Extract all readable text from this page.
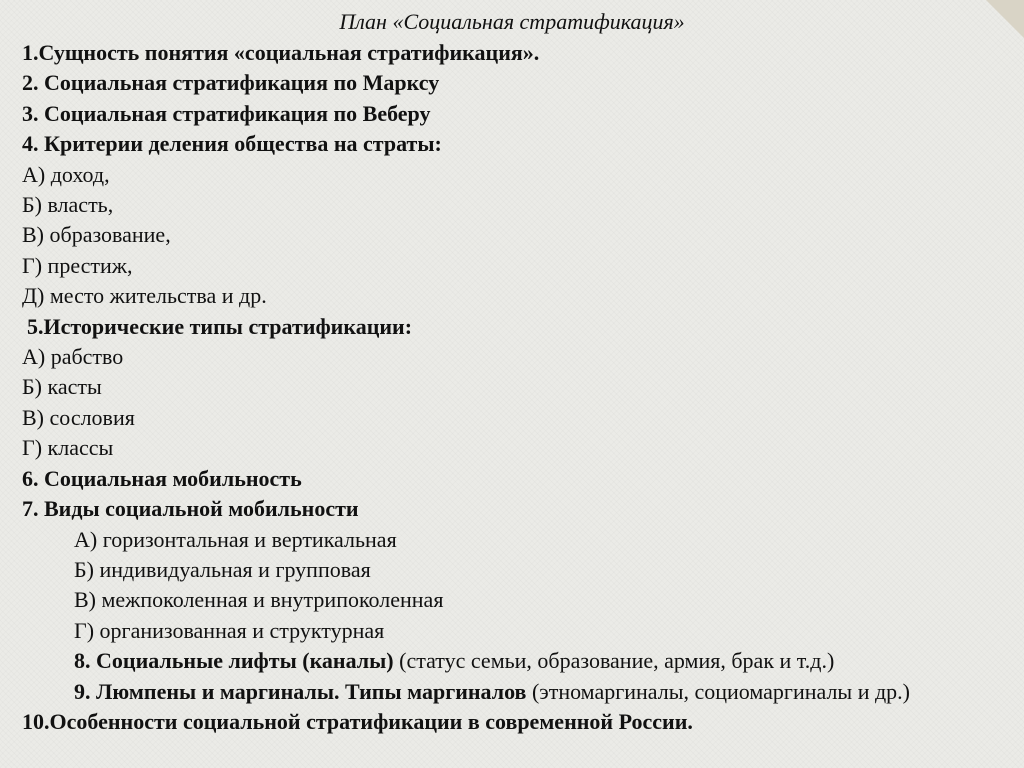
План «Социальная стратификация»
1.Сущность понятия «социальная стратификация».
2. Социальная стратификация по Марксу
3. Социальная стратификация по Веберу
4. Критерии деления общества на страты:
А) доход,
Б) власть,
В) образование,
Г) престиж,
Д) место жительства и др.
5.Исторические типы стратификации:
А) рабство
Б) касты
В) сословия
Г) классы
6. Социальная мобильность
7. Виды социальной мобильности
А) горизонтальная и вертикальная
Б) индивидуальная и групповая
В) межпоколенная и внутрипоколенная
Г) организованная и структурная
8. Социальные лифты (каналы) (статус семьи, образование, армия, брак и т.д.)
9. Люмпены и маргиналы. Типы маргиналов (этномаргиналы, социомаргиналы и др.)
10.Особенности социальной стратификации в современной России.
